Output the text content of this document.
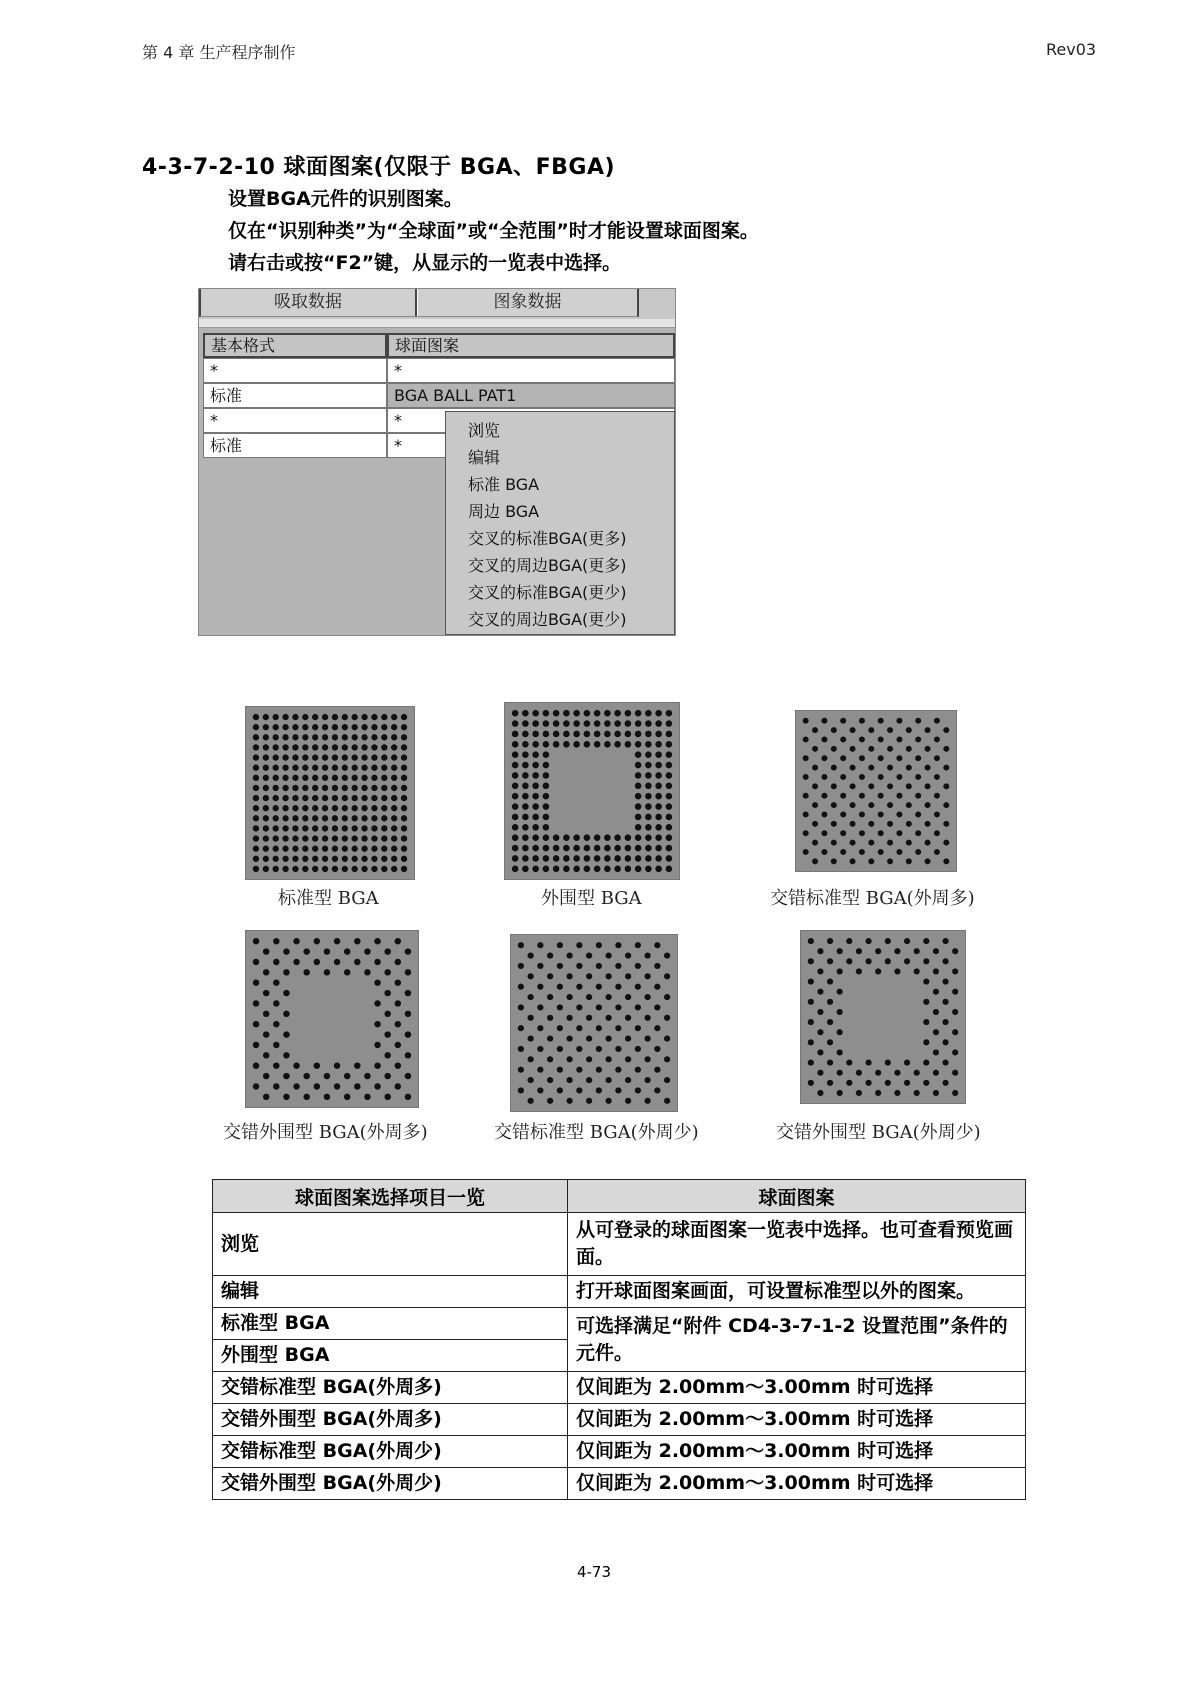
第 4 章 生产程序制作	Rev03
4-3-7-2-10 球面图案(仅限于 BGA、FBGA)
设置BGA元件的识别图案。
仅在“识别种类”为“全球面”或“全范围”时才能设置球面图案。
请右击或按“F2”键，从显示的一览表中选择。
吸取数据	图象数据
基本格式	球面图案
*	*
标准	BGA BALL PAT1
*	*
标准	*
浏览
编辑
标准 BGA
周边 BGA
交叉的标准BGA(更多)
交叉的周边BGA(更多)
交叉的标准BGA(更少)
交叉的周边BGA(更少)
标准型 BGA	外围型 BGA	交错标准型 BGA(外周多)
交错外围型 BGA(外周多)	交错标准型 BGA(外周少)	交错外围型 BGA(外周少)
球面图案选择项目一览	球面图案
浏览	从可登录的球面图案一览表中选择。也可查看预览画面。
编辑	打开球面图案画面，可设置标准型以外的图案。
标准型 BGA	可选择满足“附件 CD4-3-7-1-2 设置范围”条件的元件。
外围型 BGA	
交错标准型 BGA(外周多)	仅间距为 2.00mm～3.00mm 时可选择
交错外围型 BGA(外周多)	仅间距为 2.00mm～3.00mm 时可选择
交错标准型 BGA(外周少)	仅间距为 2.00mm～3.00mm 时可选择
交错外围型 BGA(外周少)	仅间距为 2.00mm～3.00mm 时可选择
4-73
